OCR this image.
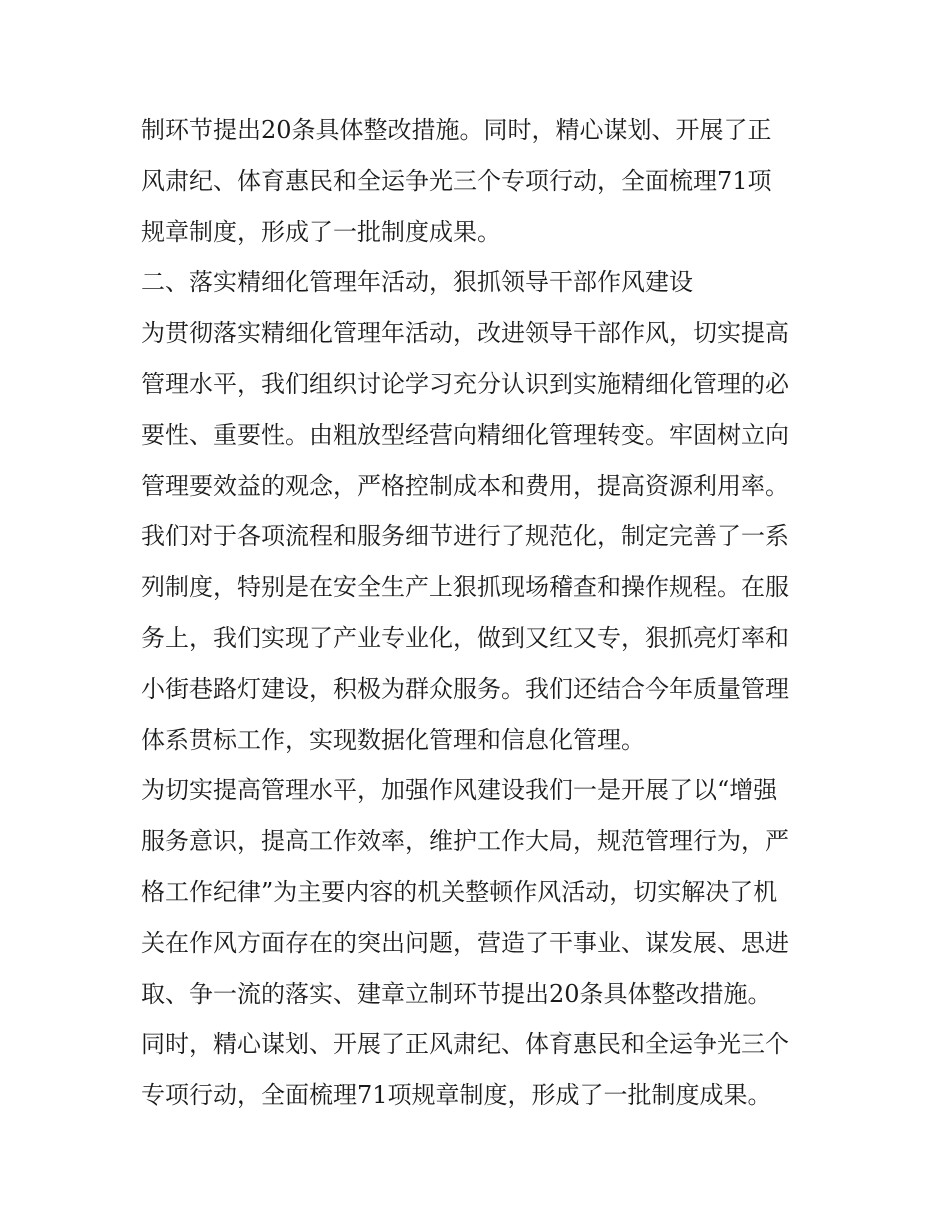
制环节提出20条具体整改措施。同时，精心谋划、开展了正
风肃纪、体育惠民和全运争光三个专项行动，全面梳理71项
规章制度，形成了一批制度成果。
二、落实精细化管理年活动，狠抓领导干部作风建设
为贯彻落实精细化管理年活动，改进领导干部作风，切实提高
管理水平，我们组织讨论学习充分认识到实施精细化管理的必
要性、重要性。由粗放型经营向精细化管理转变。牢固树立向
管理要效益的观念，严格控制成本和费用，提高资源利用率。
我们对于各项流程和服务细节进行了规范化，制定完善了一系
列制度，特别是在安全生产上狠抓现场稽查和操作规程。在服
务上，我们实现了产业专业化，做到又红又专，狠抓亮灯率和
小街巷路灯建设，积极为群众服务。我们还结合今年质量管理
体系贯标工作，实现数据化管理和信息化管理。
为切实提高管理水平，加强作风建设我们一是开展了以“增强
服务意识，提高工作效率，维护工作大局，规范管理行为，严
格工作纪律”为主要内容的机关整顿作风活动，切实解决了机
关在作风方面存在的突出问题，营造了干事业、谋发展、思进
取、争一流的落实、建章立制环节提出20条具体整改措施。
同时，精心谋划、开展了正风肃纪、体育惠民和全运争光三个
专项行动，全面梳理71项规章制度，形成了一批制度成果。
